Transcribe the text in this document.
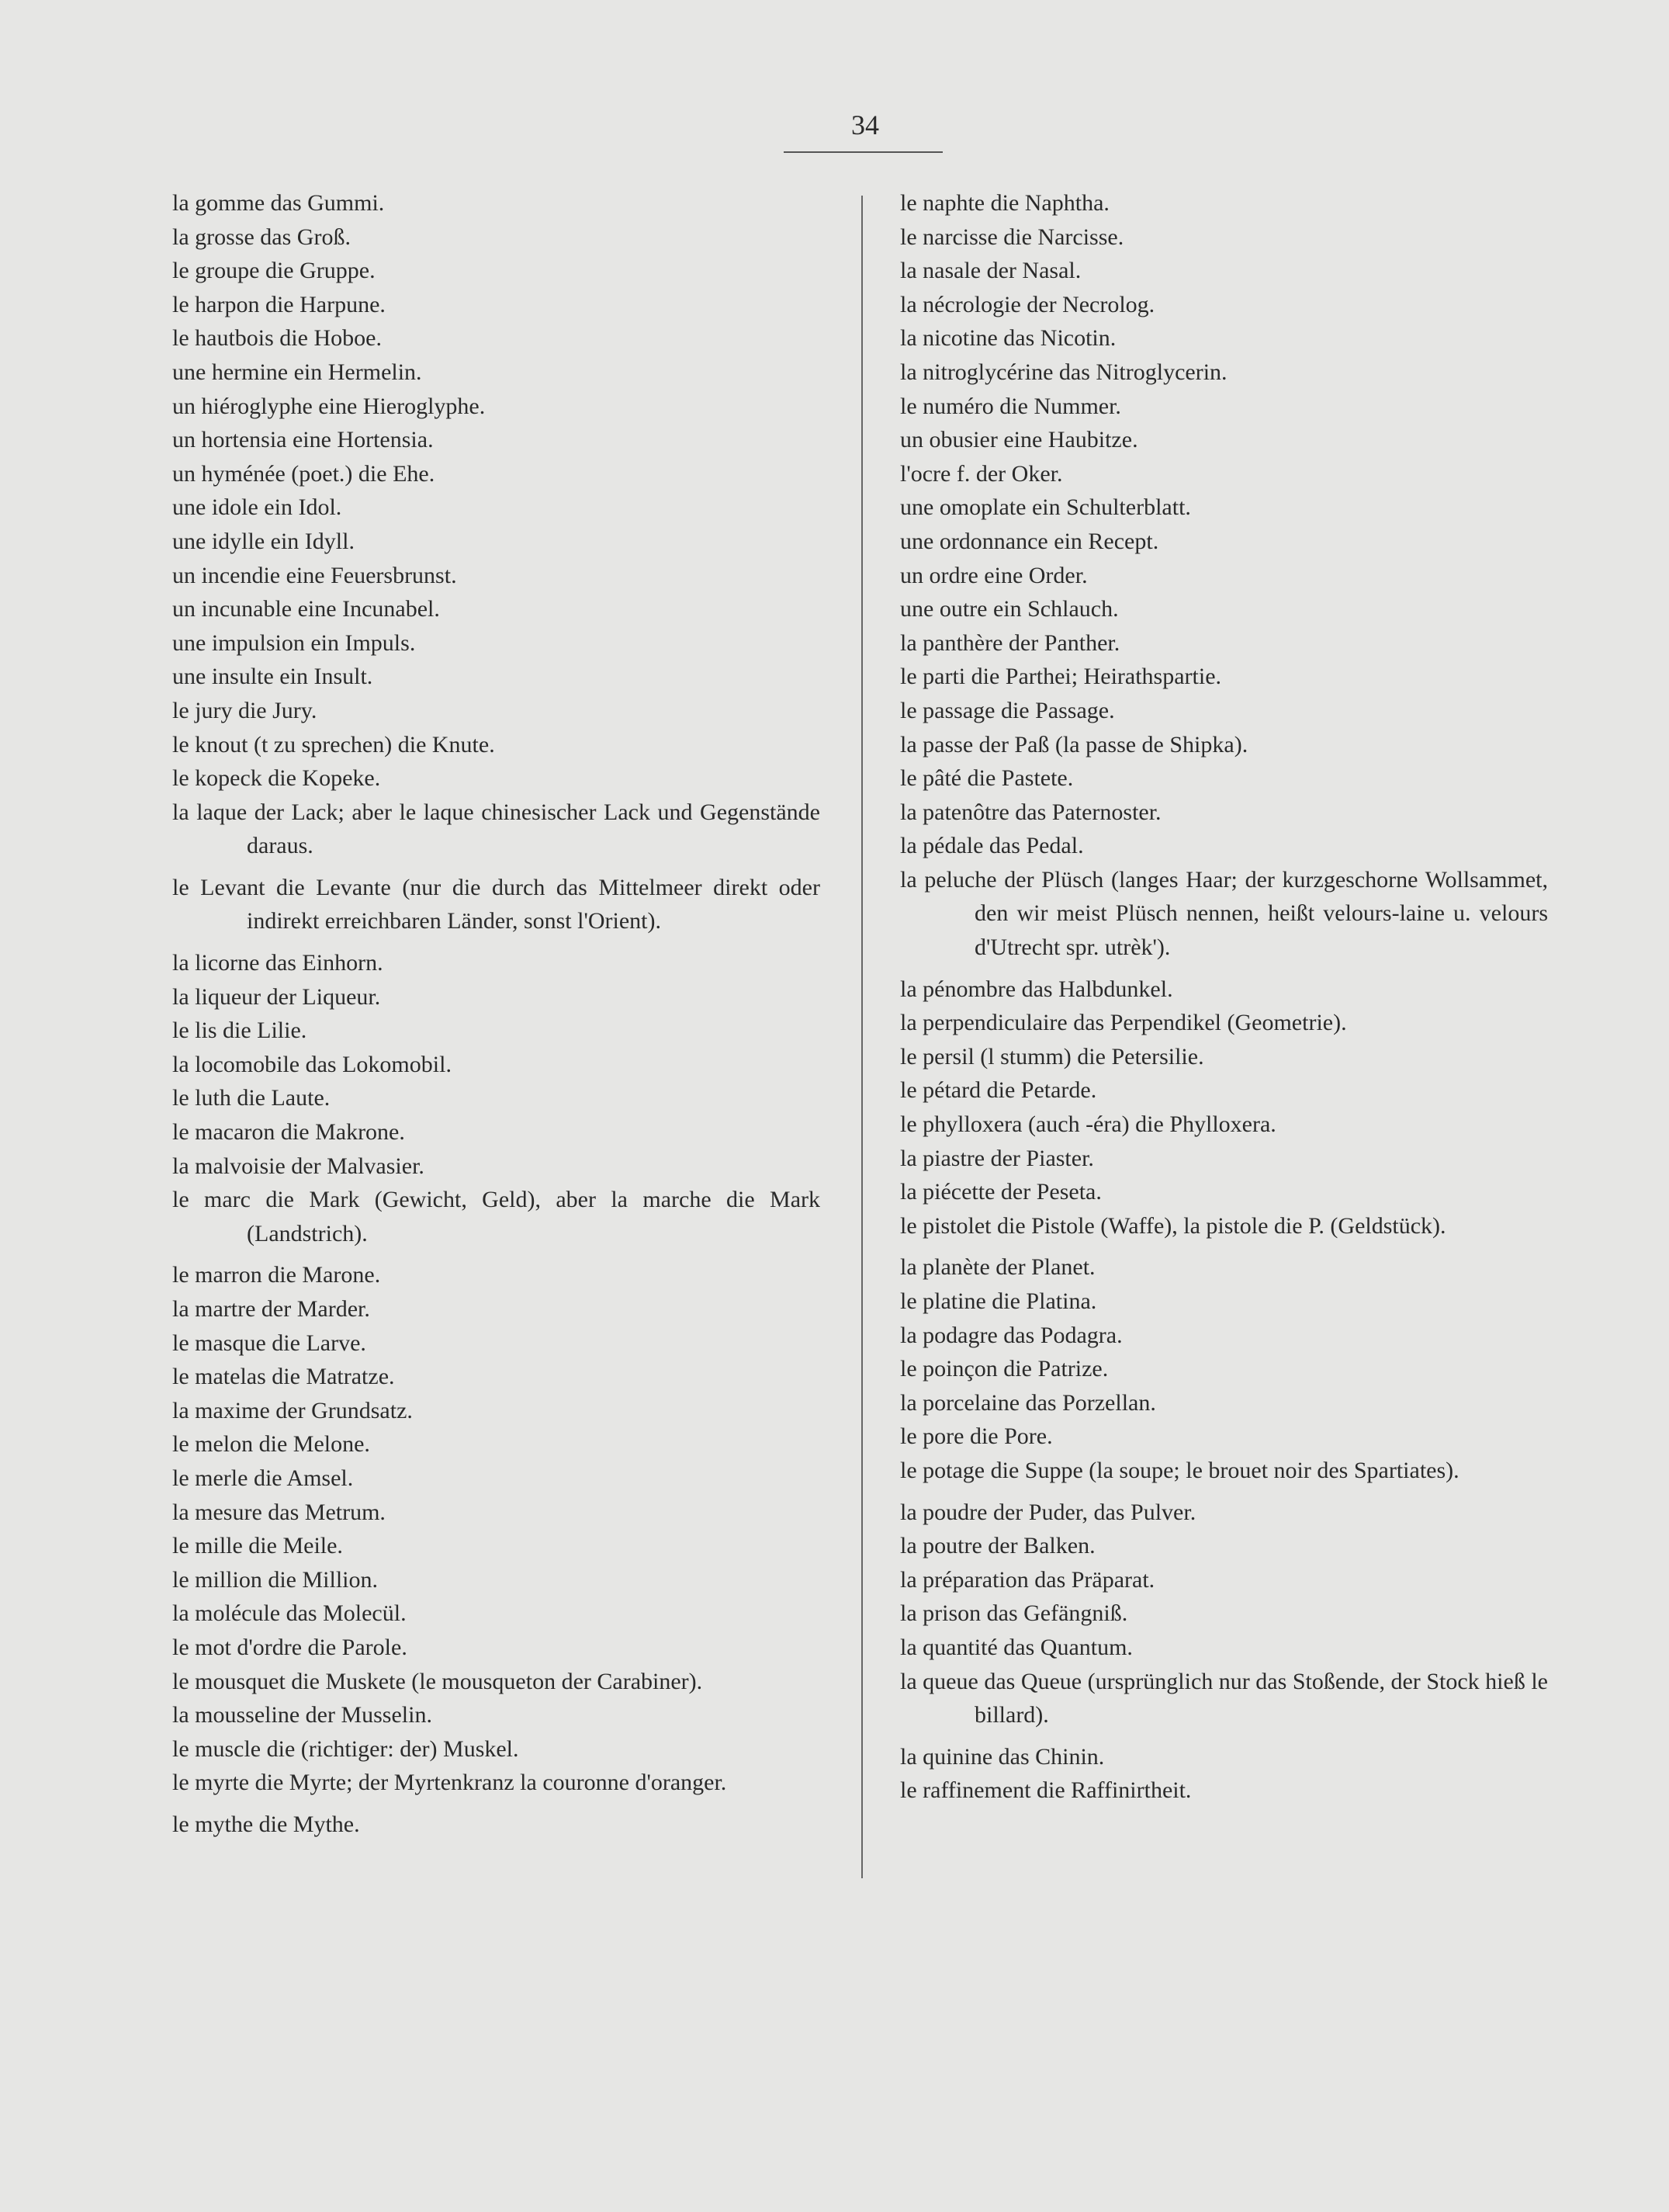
34

la gomme das Gummi.

la grosse das Groß.

le groupe die Gruppe.

le harpon die Harpune.

le hautbois die Hoboe.

une hermine ein Hermelin.

un hiéroglyphe eine Hieroglyphe.

un hortensia eine Hortensia.

un hyménée (poet.) die Ehe.

une idole ein Idol.

une idylle ein Idyll.

un incendie eine Feuersbrunst.

un incunable eine Incunabel.

une impulsion ein Impuls.

une insulte ein Insult.

le jury die Jury.

le knout (t zu sprechen) die Knute.

le kopeck die Kopeke.

la laque der Lack; aber le laque chinesischer Lack und Gegenstände daraus.

le Levant die Levante (nur die durch das Mittelmeer direkt oder indirekt erreichbaren Länder, sonst l'Orient).

la licorne das Einhorn.

la liqueur der Liqueur.

le lis die Lilie.

la locomobile das Lokomobil.

le luth die Laute.

le macaron die Makrone.

la malvoisie der Malvasier.

le marc die Mark (Gewicht, Geld), aber la marche die Mark (Landstrich).

le marron die Marone.

la martre der Marder.

le masque die Larve.

le matelas die Matratze.

la maxime der Grundsatz.

le melon die Melone.

le merle die Amsel.

la mesure das Metrum.

le mille die Meile.

le million die Million.

la molécule das Molecül.

le mot d'ordre die Parole.

le mousquet die Muskete (le mousqueton der Carabiner).

la mousseline der Musselin.

le muscle die (richtiger: der) Muskel.

le myrte die Myrte; der Myrtenkranz la couronne d'oranger.

le mythe die Mythe.

le naphte die Naphtha.

le narcisse die Narcisse.

la nasale der Nasal.

la nécrologie der Necrolog.

la nicotine das Nicotin.

la nitroglycérine das Nitroglycerin.

le numéro die Nummer.

un obusier eine Haubitze.

l'ocre f. der Oker.

une omoplate ein Schulterblatt.

une ordonnance ein Recept.

un ordre eine Order.

une outre ein Schlauch.

la panthère der Panther.

le parti die Parthei; Heirathspartie.

le passage die Passage.

la passe der Paß (la passe de Shipka).

le pâté die Pastete.

la patenôtre das Paternoster.

la pédale das Pedal.

la peluche der Plüsch (langes Haar; der kurzgeschorne Wollsammet, den wir meist Plüsch nennen, heißt velours-laine u. velours d'Utrecht spr. utrèk').

la pénombre das Halbdunkel.

la perpendiculaire das Perpendikel (Geometrie).

le persil (l stumm) die Petersilie.

le pétard die Petarde.

le phylloxera (auch -éra) die Phylloxera.

la piastre der Piaster.

la piécette der Peseta.

le pistolet die Pistole (Waffe), la pistole die P. (Geldstück).

la planète der Planet.

le platine die Platina.

la podagre das Podagra.

le poinçon die Patrize.

la porcelaine das Porzellan.

le pore die Pore.

le potage die Suppe (la soupe; le brouet noir des Spartiates).

la poudre der Puder, das Pulver.

la poutre der Balken.

la préparation das Präparat.

la prison das Gefängniß.

la quantité das Quantum.

la queue das Queue (ursprünglich nur das Stoßende, der Stock hieß le billard).

la quinine das Chinin.

le raffinement die Raffinirtheit.
